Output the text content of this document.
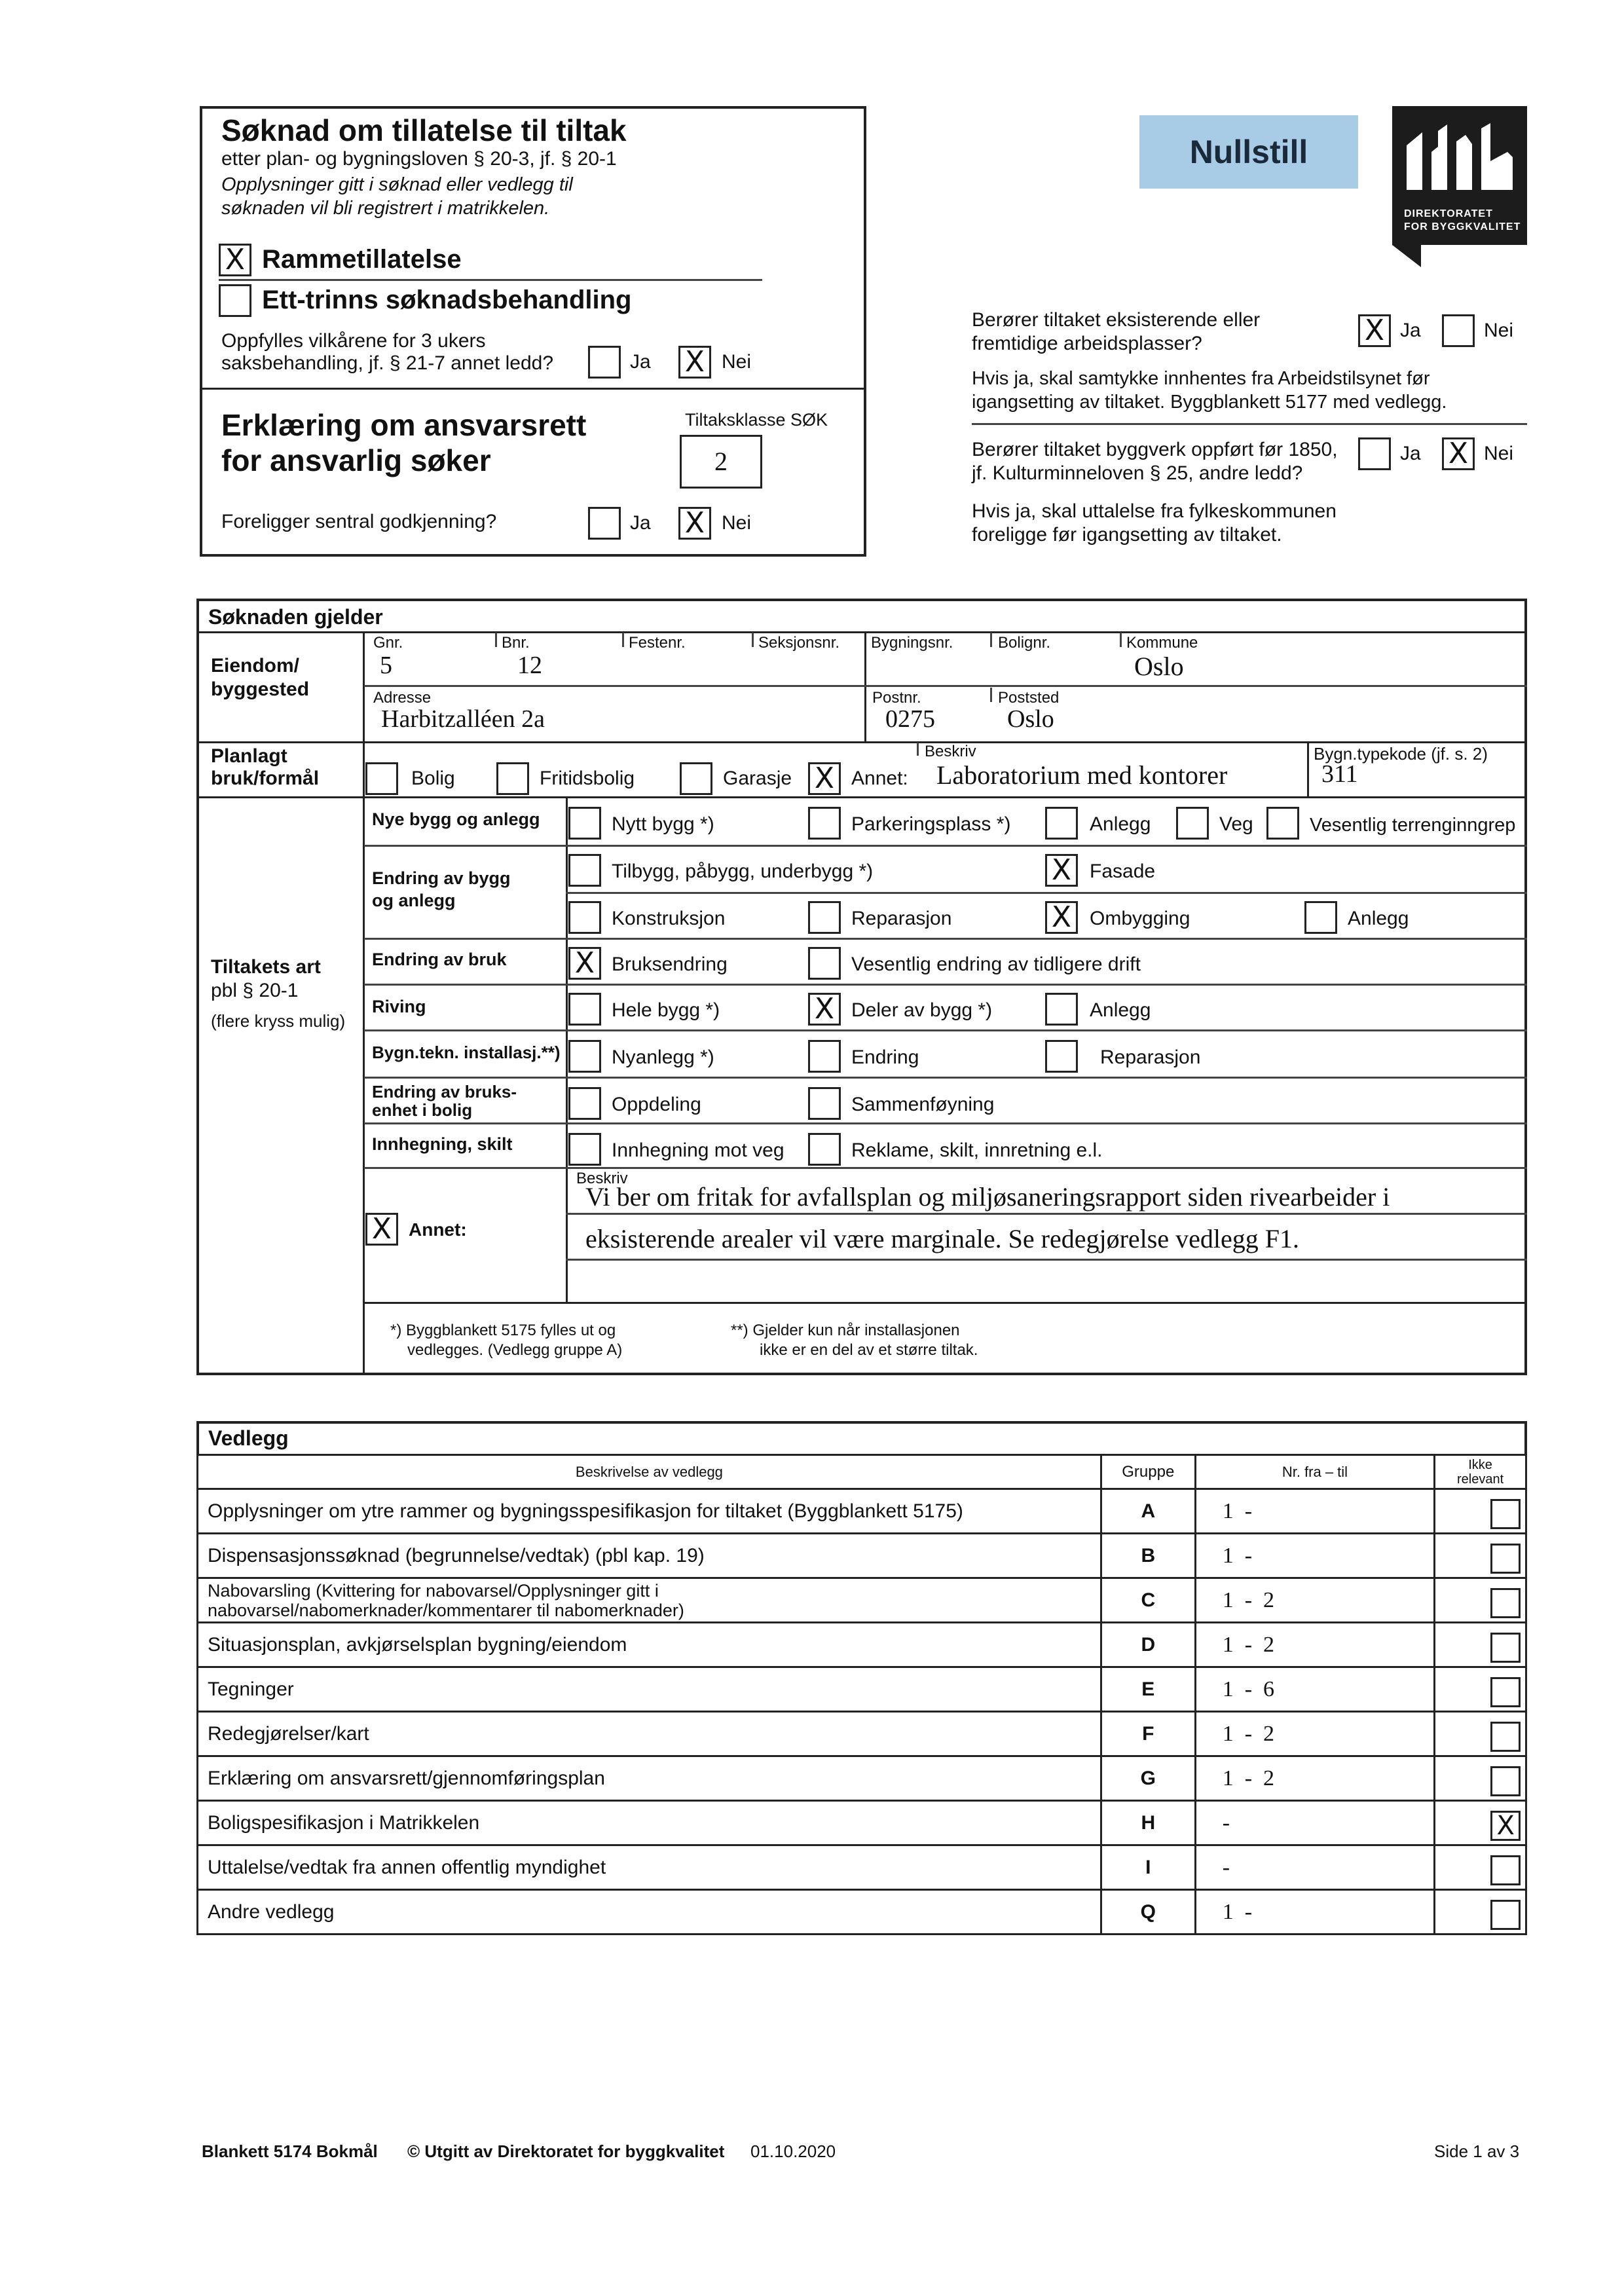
Søknad om tillatelse til tiltak
etter plan- og bygningsloven § 20-3, jf. § 20-1
Opplysninger gitt i søknad eller vedlegg til
søknaden vil bli registrert i matrikkelen.
X Rammetillatelse
Ett-trinns søknadsbehandling
Oppfylles vilkårene for 3 ukers
saksbehandling, jf. § 21-7 annet ledd?	Ja X Nei
Erklæring om ansvarsrett
for ansvarlig søker
Tiltaksklasse SØK
2
Foreligger sentral godkjenning?	Ja X Nei
Nullstill
DIREKTORATET
FOR BYGGKVALITET
Berører tiltaket eksisterende eller
fremtidige arbeidsplasser?	X Ja	Nei
Hvis ja, skal samtykke innhentes fra Arbeidstilsynet før
igangsetting av tiltaket. Byggblankett 5177 med vedlegg.
Berører tiltaket byggverk oppført før 1850,
jf. Kulturminneloven § 25, andre ledd?
Ja X Nei
Hvis ja, skal uttalelse fra fylkeskommunen
foreligge før igangsetting av tiltaket.
Søknaden gjelder
Eiendom/
byggested
Gnr.
5
Bnr.
12
Festenr.	Seksjonsnr. Bygningsnr.	Bolignr.	Kommune
Oslo
Adresse
Harbitzalléen 2a
Postnr.
0275
Poststed
Oslo
Planlagt
bruk/formål
Beskriv
Bolig	Fritidsbolig	Garasje X Annet: Laboratorium med kontorer
Bygn.typekode (jf. s. 2)
311
Tiltakets art
pbl § 20-1
(flere kryss mulig)
Nye bygg og anlegg	Nytt bygg *)	Parkeringsplass *)	Anlegg	Veg	Vesentlig terrenginngrep
Endring av bygg
og anlegg
Tilbygg, påbygg, underbygg *)	X Fasade
Konstruksjon	Reparasjon	X Ombygging	Anlegg
Endring av bruk X Bruksendring	Vesentlig endring av tidligere drift
Riving	Hele bygg *)	X Deler av bygg *)	Anlegg
Bygn.tekn. installasj.**)	Nyanlegg *)	Endring	Reparasjon
Endring av bruks-
enhet i bolig	Oppdeling	Sammenføyning
Innhegning, skilt	Innhegning mot veg	Reklame, skilt, innretning e.l.
X Annet:
Beskriv
Vi ber om fritak for avfallsplan og miljøsaneringsrapport siden rivearbeider i
eksisterende arealer vil være marginale. Se redegjørelse vedlegg F1.
*) Byggblankett 5175 fylles ut og
vedlegges. (Vedlegg gruppe A)
**) Gjelder kun når installasjonen
ikke er en del av et større tiltak.
Vedlegg
Beskrivelse av vedlegg	Gruppe	Nr. fra – til	Ikke
relevant
Opplysninger om ytre rammer og bygningsspesifikasjon for tiltaket (Byggblankett 5175)	A	1  -	

Dispensasjonssøknad (begrunnelse/vedtak) (pbl kap. 19)	B	1  -	

Nabovarsling (Kvittering for nabovarsel/Opplysninger gitt i
nabovarsel/nabomerknader/kommentarer til nabomerknader)	C	1  -  2	

Situasjonsplan, avkjørselsplan bygning/eiendom	D	1  -  2	

Tegninger	E	1  -  6	

Redegjørelser/kart	F	1  -  2	

Erklæring om ansvarsrett/gjennomføringsplan	G	1  -  2	

Boligspesifikasjon i Matrikkelen	H	-	X

Uttalelse/vedtak fra annen offentlig myndighet	I	-	

Andre vedlegg	Q	1  -	
Blankett 5174 Bokmål © Utgitt av Direktoratet for byggkvalitet 01.10.2020	Side 1 av 3
